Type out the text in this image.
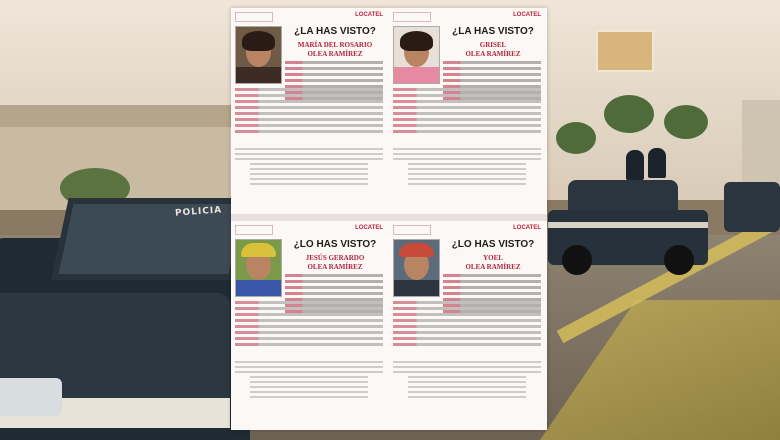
POLICIA
LOCATEL
¿LA HAS VISTO?
MARÍA DEL ROSARIO
OLEA RAMÍREZ
LOCATEL
¿LA HAS VISTO?
GRISEL
OLEA RAMÍREZ
LOCATEL
¿LO HAS VISTO?
JESÚS GERARDO
OLEA RAMÍREZ
LOCATEL
¿LO HAS VISTO?
YOEL
OLEA RAMÍREZ
